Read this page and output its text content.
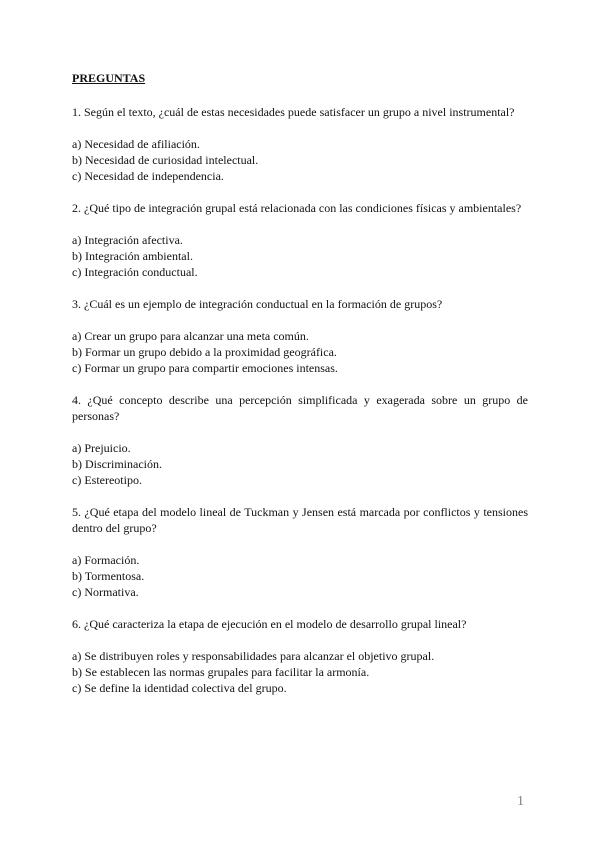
PREGUNTAS

1. Según el texto, ¿cuál de estas necesidades puede satisfacer un grupo a nivel instrumental?

a) Necesidad de afiliación.
b) Necesidad de curiosidad intelectual.
c) Necesidad de independencia.

2. ¿Qué tipo de integración grupal está relacionada con las condiciones físicas y ambientales?

a) Integración afectiva.
b) Integración ambiental.
c) Integración conductual.

3. ¿Cuál es un ejemplo de integración conductual en la formación de grupos?

a) Crear un grupo para alcanzar una meta común.
b) Formar un grupo debido a la proximidad geográfica.
c) Formar un grupo para compartir emociones intensas.

4. ¿Qué concepto describe una percepción simplificada y exagerada sobre un grupo de personas?

a) Prejuicio.
b) Discriminación.
c) Estereotipo.

5. ¿Qué etapa del modelo lineal de Tuckman y Jensen está marcada por conflictos y tensiones dentro del grupo?

a) Formación.
b) Tormentosa.
c) Normativa.

6. ¿Qué caracteriza la etapa de ejecución en el modelo de desarrollo grupal lineal?

a) Se distribuyen roles y responsabilidades para alcanzar el objetivo grupal.
b) Se establecen las normas grupales para facilitar la armonía.
c) Se define la identidad colectiva del grupo.
1
